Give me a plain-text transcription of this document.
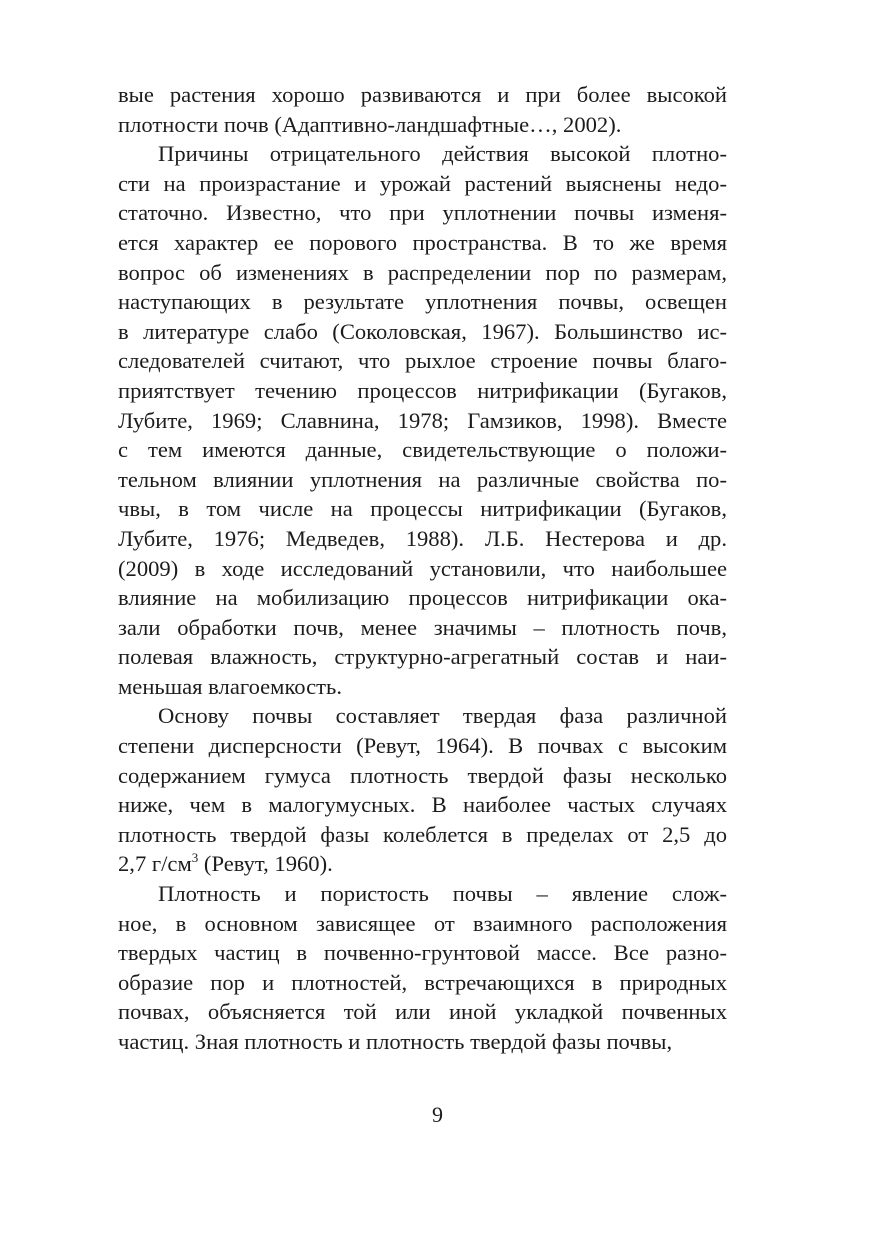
вые растения хорошо развиваются и при более высокой
плотности почв (Адаптивно-ландшафтные…, 2002).
Причины отрицательного действия высокой плотно-
сти на произрастание и урожай растений выяснены недо-
статочно. Известно, что при уплотнении почвы изменя-
ется характер ее порового пространства. В то же время
вопрос об изменениях в распределении пор по размерам,
наступающих в результате уплотнения почвы, освещен
в литературе слабо (Соколовская, 1967). Большинство ис-
следователей считают, что рыхлое строение почвы благо-
приятствует течению процессов нитрификации (Бугаков,
Лубите, 1969; Славнина, 1978; Гамзиков, 1998). Вместе
с тем имеются данные, свидетельствующие о положи-
тельном влиянии уплотнения на различные свойства по-
чвы, в том числе на процессы нитрификации (Бугаков,
Лубите, 1976; Медведев, 1988). Л.Б. Нестерова и др.
(2009) в ходе исследований установили, что наибольшее
влияние на мобилизацию процессов нитрификации ока-
зали обработки почв, менее значимы – плотность почв,
полевая влажность, структурно-агрегатный состав и наи-
меньшая влагоемкость.
Основу почвы составляет твердая фаза различной
степени дисперсности (Ревут, 1964). В почвах с высоким
содержанием гумуса плотность твердой фазы несколько
ниже, чем в малогумусных. В наиболее частых случаях
плотность твердой фазы колеблется в пределах от 2,5 до
2,7 $г/см^3$ (Ревут, 1960).
Плотность и пористость почвы – явление слож-
ное, в основном зависящее от взаимного расположения
твердых частиц в почвенно-грунтовой массе. Все разно-
образие пор и плотностей, встречающихся в природных
почвах, объясняется той или иной укладкой почвенных
частиц. Зная плотность и плотность твердой фазы почвы,
9
